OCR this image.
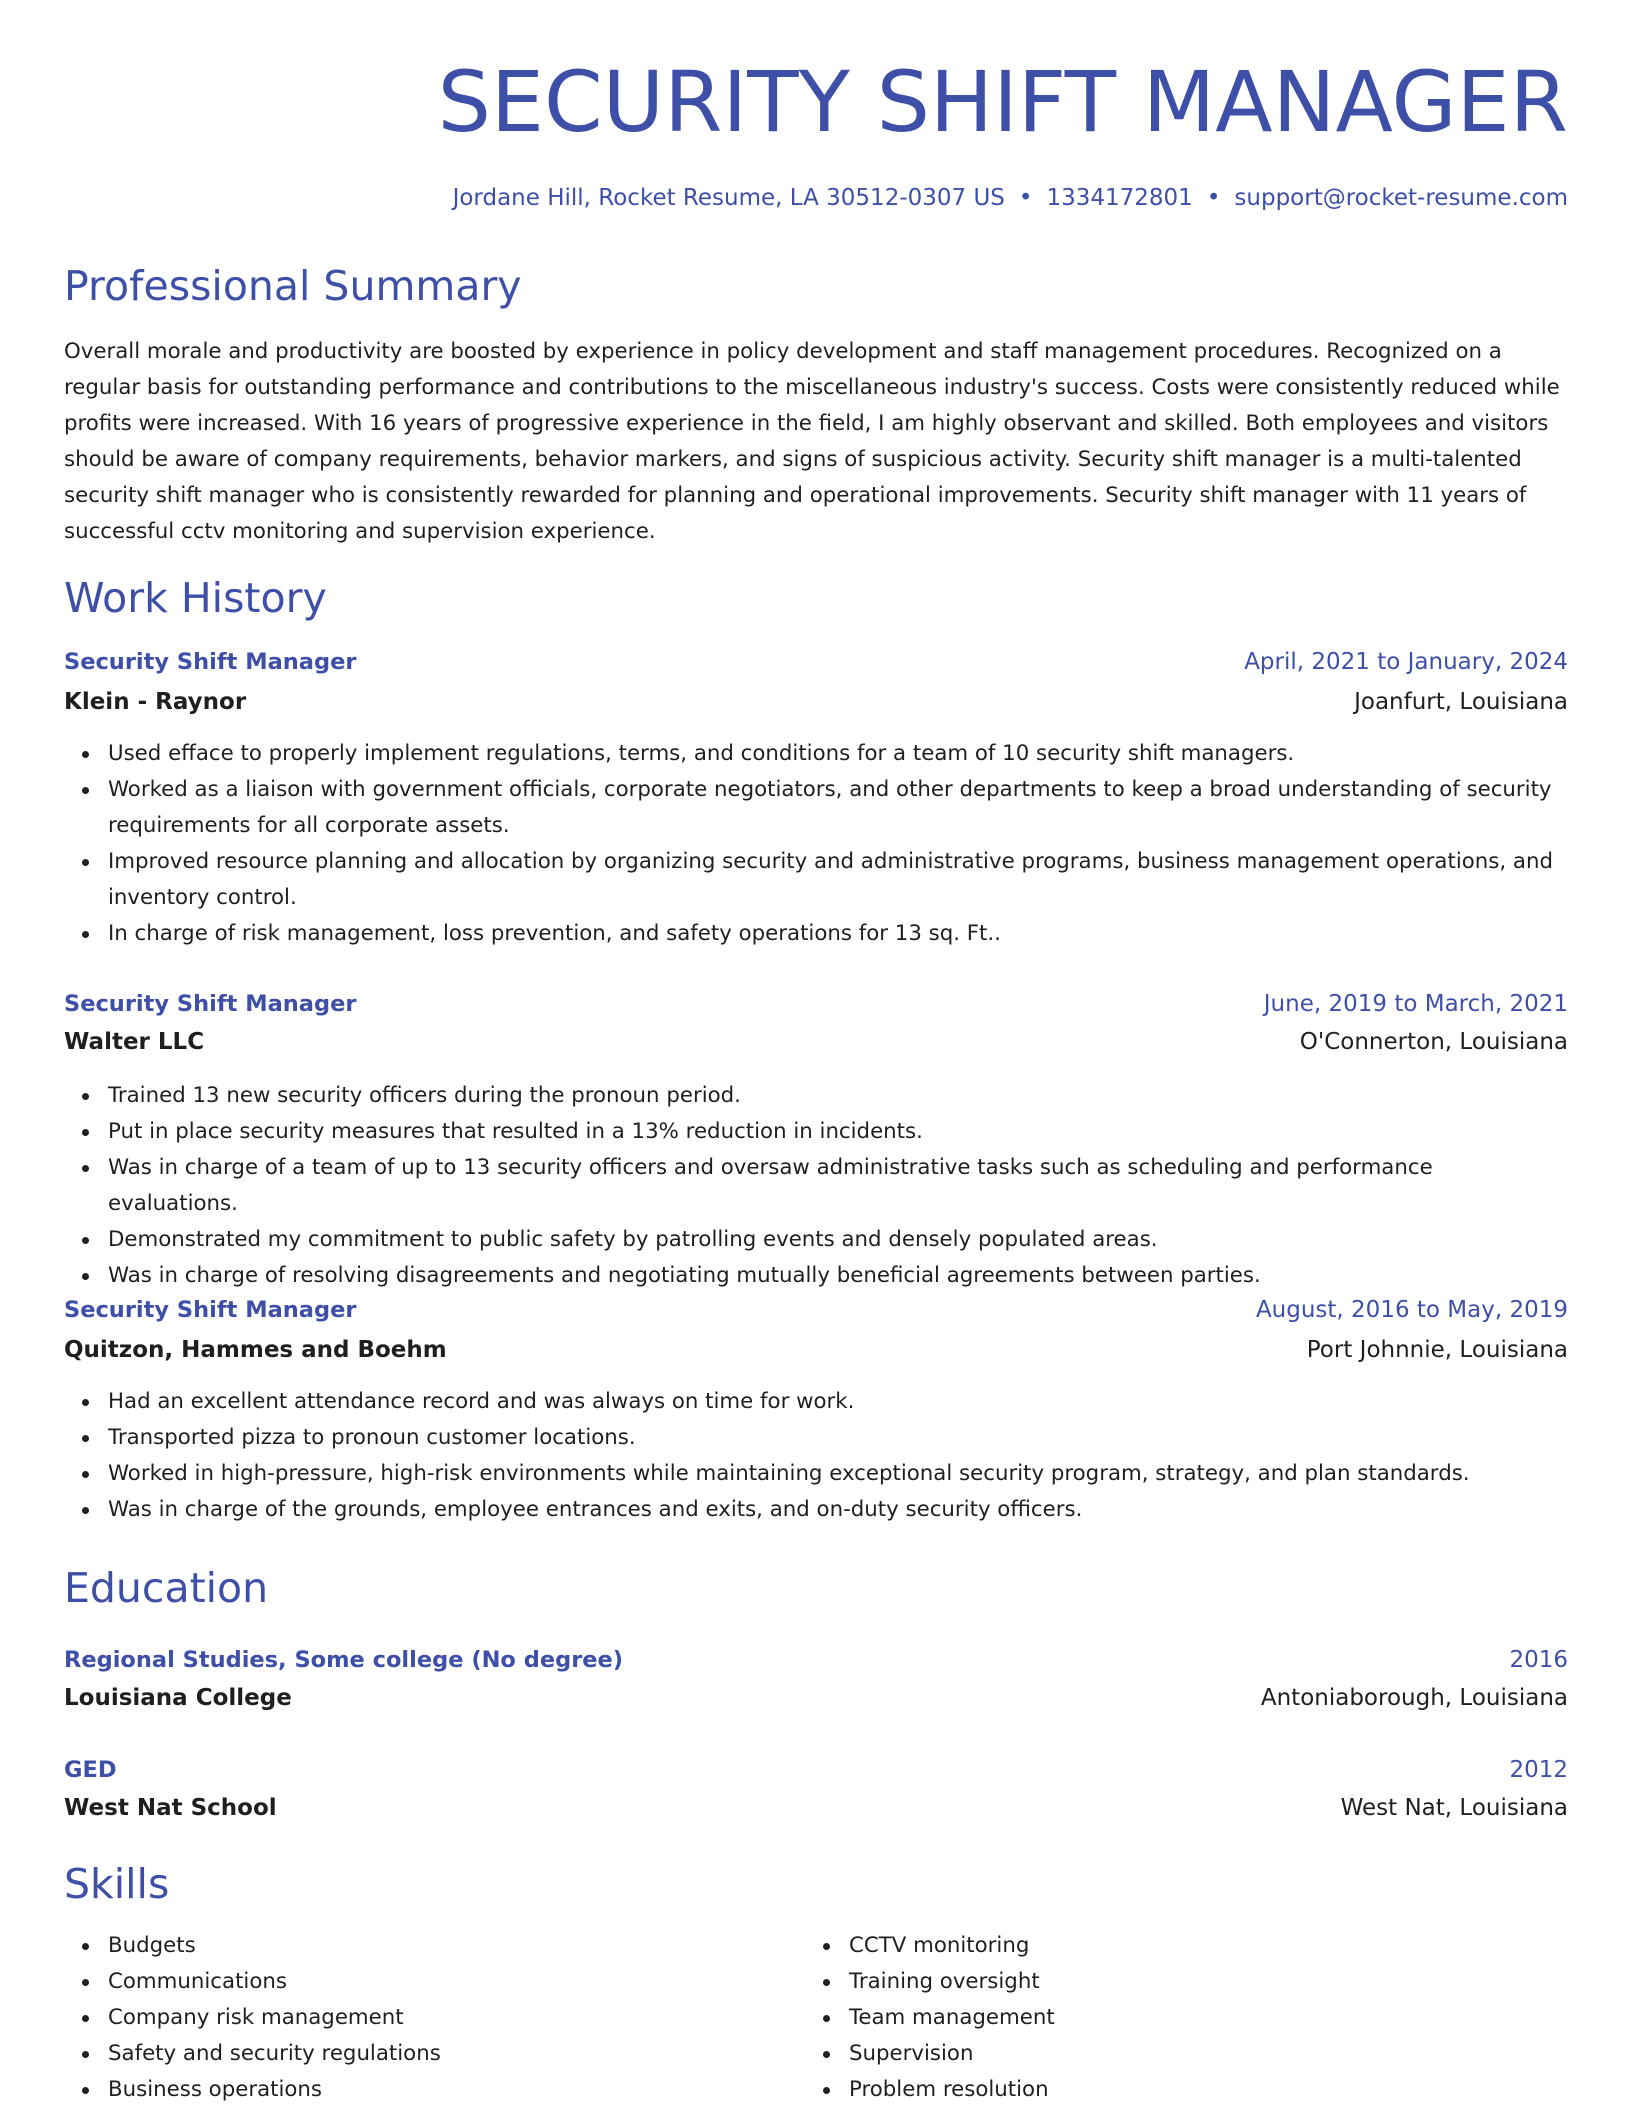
SECURITY SHIFT MANAGER
Jordane Hill, Rocket Resume, LA 30512-0307 US • 1334172801 • support@rocket-resume.com
Professional Summary

Overall morale and productivity are boosted by experience in policy development and staff management procedures. Recognized on a regular basis for outstanding performance and contributions to the miscellaneous industry's success. Costs were consistently reduced while profits were increased. With 16 years of progressive experience in the field, I am highly observant and skilled. Both employees and visitors should be aware of company requirements, behavior markers, and signs of suspicious activity. Security shift manager is a multi-talented security shift manager who is consistently rewarded for planning and operational improvements. Security shift manager with 11 years of successful cctv monitoring and supervision experience.

Work History
Security Shift Manager	April, 2021 to January, 2024
Klein - Raynor	Joanfurt, Louisiana
Used efface to properly implement regulations, terms, and conditions for a team of 10 security shift managers.
Worked as a liaison with government officials, corporate negotiators, and other departments to keep a broad understanding of security requirements for all corporate assets.
Improved resource planning and allocation by organizing security and administrative programs, business management operations, and inventory control.
In charge of risk management, loss prevention, and safety operations for 13 sq. Ft..
Security Shift Manager	June, 2019 to March, 2021
Walter LLC	O'Connerton, Louisiana
Trained 13 new security officers during the pronoun period.
Put in place security measures that resulted in a 13% reduction in incidents.
Was in charge of a team of up to 13 security officers and oversaw administrative tasks such as scheduling and performance evaluations.
Demonstrated my commitment to public safety by patrolling events and densely populated areas.
Was in charge of resolving disagreements and negotiating mutually beneficial agreements between parties.
Security Shift Manager	August, 2016 to May, 2019
Quitzon, Hammes and Boehm	Port Johnnie, Louisiana
Had an excellent attendance record and was always on time for work.
Transported pizza to pronoun customer locations.
Worked in high-pressure, high-risk environments while maintaining exceptional security program, strategy, and plan standards.
Was in charge of the grounds, employee entrances and exits, and on-duty security officers.
Education
Regional Studies, Some college (No degree)	2016
Louisiana College	Antoniaborough, Louisiana
GED	2012
West Nat School	West Nat, Louisiana
Skills
Budgets
Communications
Company risk management
Safety and security regulations
Business operations
CCTV monitoring
Training oversight
Team management
Supervision
Problem resolution
